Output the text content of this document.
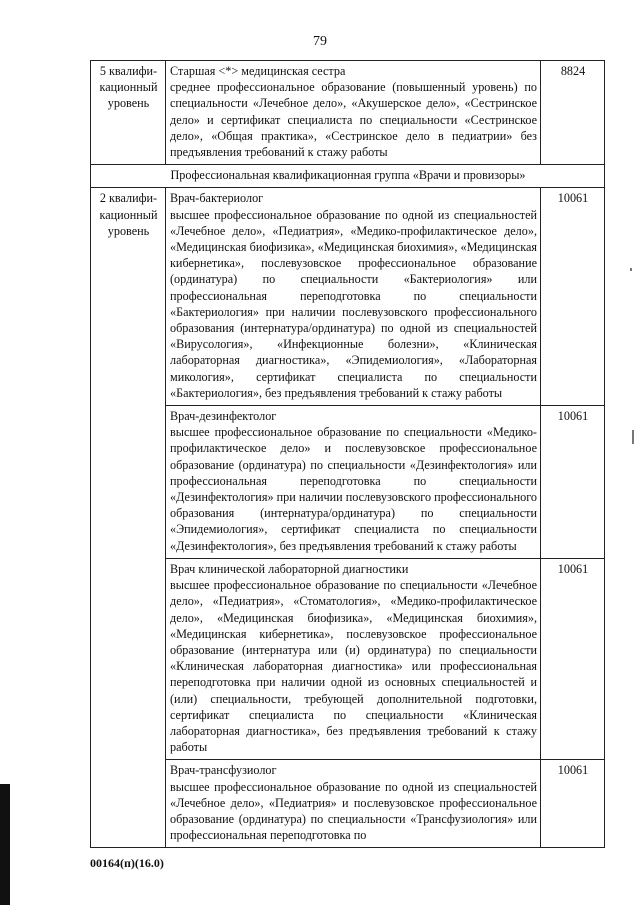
79
5 квалифи-кационный уровень	Старшая <*> медицинская сестра
среднее профессиональное образование (повышенный уровень) по специальности «Лечебное дело», «Акушерское дело», «Сестринское дело» и сертификат специалиста по специальности «Сестринское дело», «Общая практика», «Сестринское дело в педиатрии» без предъявления требований к стажу работы	8824
Профессиональная квалификационная группа «Врачи и провизоры»		
2 квалифи-кационный уровень	Врач-бактериолог
высшее профессиональное образование по одной из специальностей «Лечебное дело», «Педиатрия», «Медико-профилактическое дело», «Медицинская биофизика», «Медицинская биохимия», «Медицинская кибернетика», послевузовское профессиональное образование (ординатура) по специальности «Бактериология» или профессиональная переподготовка по специальности «Бактериология» при наличии послевузовского профессионального образования (интернатура/ординатура) по одной из специальностей «Вирусология», «Инфекционные болезни», «Клиническая лабораторная диагностика», «Эпидемиология», «Лабораторная микология», сертификат специалиста по специальности «Бактериология», без предъявления требований к стажу работы	10061

	Врач-дезинфектолог
высшее профессиональное образование по специальности «Медико-профилактическое дело» и послевузовское профессиональное образование (ординатура) по специальности «Дезинфектология» или профессиональная переподготовка по специальности «Дезинфектология» при наличии послевузовского профессионального образования (интернатура/ординатура) по специальности «Эпидемиология», сертификат специалиста по специальности «Дезинфектология», без предъявления требований к стажу работы	10061

	Врач клинической лабораторной диагностики
высшее профессиональное образование по специальности «Лечебное дело», «Педиатрия», «Стоматология», «Медико-профилактическое дело», «Медицинская биофизика», «Медицинская биохимия», «Медицинская кибернетика», послевузовское профессиональное образование (интернатура или (и) ординатура) по специальности «Клиническая лабораторная диагностика» или профессиональная переподготовка при наличии одной из основных специальностей и (или) специальности, требующей дополнительной подготовки, сертификат специалиста по специальности «Клиническая лабораторная диагностика», без предъявления требований к стажу работы	10061

	Врач-трансфузиолог
высшее профессиональное образование по одной из специальностей «Лечебное дело», «Педиатрия» и послевузовское профессиональное образование (ординатура) по специальности «Трансфузиология» или профессиональная переподготовка по	10061
00164(п)(16.0)
